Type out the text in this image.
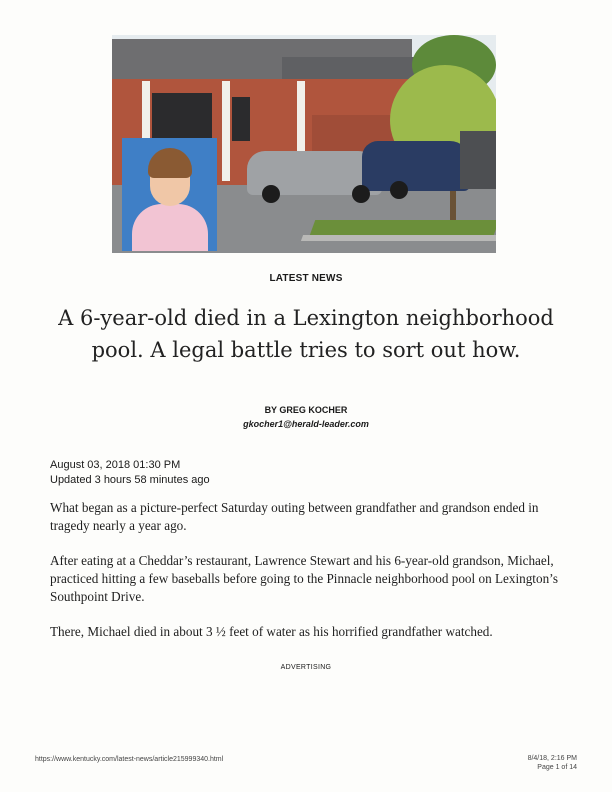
LATEST NEWS
A 6-year-old died in a Lexington neighborhood pool. A legal battle tries to sort out how.
BY GREG KOCHER
gkocher1@herald-leader.com
August 03, 2018 01:30 PM
Updated 3 hours 58 minutes ago

What began as a picture-perfect Saturday outing between grandfather and grandson ended in tragedy nearly a year ago.

After eating at a Cheddar’s restaurant, Lawrence Stewart and his 6-year-old grandson, Michael, practiced hitting a few baseballs before going to the Pinnacle neighborhood pool on Lexington’s Southpoint Drive.

There, Michael died in about 3 ½ feet of water as his horrified grandfather watched.

ADVERTISING
https://www.kentucky.com/latest-news/article215999340.html	8/4/18, 2:16 PM
Page 1 of 14
